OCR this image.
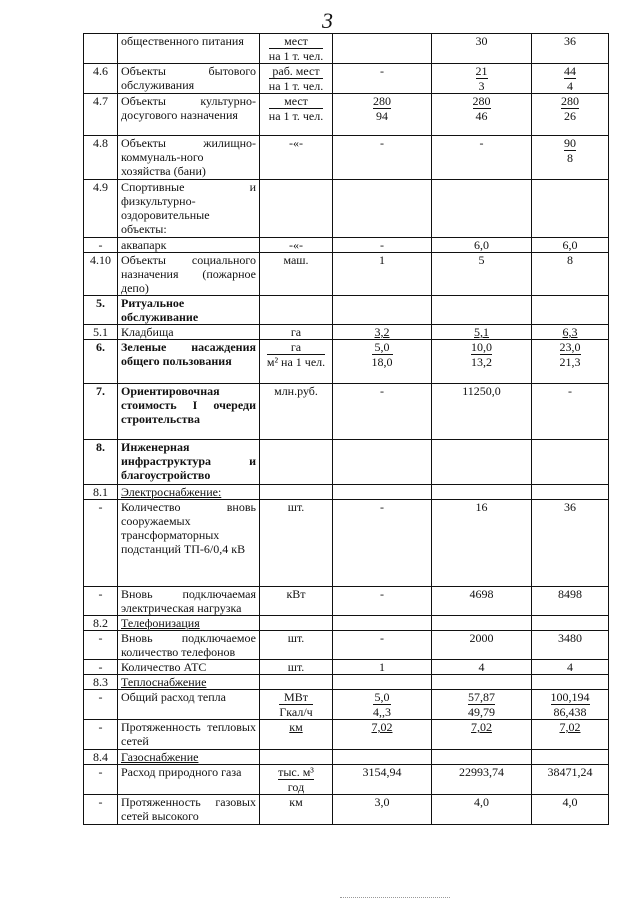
3
	общественного питания	$\frac{\text{мест}}{\text{на 1 т. чел.}}$		30	36
4.6	Объекты бытового обслуживания	$\frac{\text{раб. мест}}{\text{на 1 т. чел.}}$	-	$\frac{21}{3}$	$\frac{44}{4}$

4.7	Объекты культурно-досугового назначения	$\frac{\text{мест}}{\text{на 1 т. чел.}}$	$\frac{280}{94}$	$\frac{280}{46}$	$\frac{280}{26}$

4.8	Объекты жилищно-коммуналь-ного хозяйства (бани)	-«-	-	-	$\frac{90}{8}$

4.9	Спортивные и физкультурно-оздоровительные объекты:				
-	аквапарк	-«-	-	6,0	6,0
4.10	Объекты социального назначения (пожарное депо)	маш.	1	5	8
5.	Ритуальное обслуживание				
5.1	Кладбища	га	3,2	5,1	6,3
6.	Зеленые насаждения общего пользования	$\frac{га}{\text{м² на 1 чел.}}$	$\frac{5,0}{18,0}$	$\frac{10,0}{13,2}$	$\frac{23,0}{21,3}$

7.	Ориентировочная стоимость I очереди строительства	млн.руб.	-	11250,0	-
8.	Инженерная инфраструктура и благоустройство				
8.1	Электроснабжение:				
-	Количество вновь сооружаемых трансформаторных подстанций ТП-6/0,4 кВ	шт.	-	16	36
-	Вновь подключаемая электрическая нагрузка	кВт	-	4698	8498
8.2	Телефонизация				
-	Вновь подключаемое количество телефонов	шт.	-	2000	3480
-	Количество АТС	шт.	1	4	4
8.3	Теплоснабжение				
-	Общий расход тепла	$\frac{\text{МВт}}{\text{Гкал/ч}}$	$\frac{5,0}{4,,3}$	$\frac{57,87}{49,79}$	$\frac{100,194}{86,438}$

-	Протяженность тепловых сетей	км	7,02	7,02	7,02
8.4	Газоснабжение				
-	Расход природного газа	$\frac{\text{тыс. м³}}{\text{год}}$	3154,94	22993,74	38471,24
-	Протяженность газовых сетей высокого	км	3,0	4,0	4,0
